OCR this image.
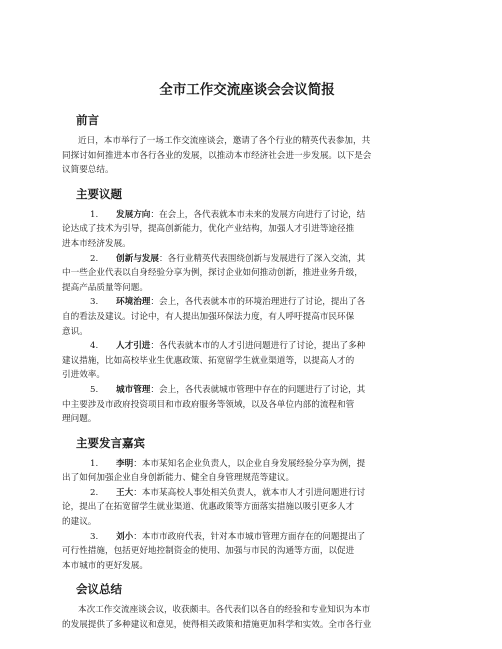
全市工作交流座谈会会议简报
前言

近日，本市举行了一场工作交流座谈会，邀请了各个行业的精英代表参加，共

同探讨如何推进本市各行各业的发展，以推动本市经济社会进一步发展。以下是会

议简要总结。

主要议题

1. 发展方向：在会上，各代表就本市未来的发展方向进行了讨论，结

论达成了技术为引导，提高创新能力，优化产业结构，加强人才引进等途径推

进本市经济发展。

2. 创新与发展：各行业精英代表围绕创新与发展进行了深入交流，其

中一些企业代表以自身经验分享为例，探讨企业如何推动创新，推进业务升级，

提高产品质量等问题。

3. 环境治理：会上，各代表就本市的环境治理进行了讨论，提出了各

自的看法及建议。讨论中，有人提出加强环保法力度，有人呼吁提高市民环保

意识。

4. 人才引进：各代表就本市的人才引进问题进行了讨论，提出了多种

建议措施，比如高校毕业生优惠政策、拓宽留学生就业渠道等，以提高人才的

引进效率。

5. 城市管理：会上，各代表就城市管理中存在的问题进行了讨论，其

中主要涉及市政府投资项目和市政府服务等领域，以及各单位内部的流程和管

理问题。

主要发言嘉宾

1. 李明：本市某知名企业负责人，以企业自身发展经验分享为例，提

出了如何加强企业自身创新能力、健全自身管理规范等建议。

2. 王大：本市某高校人事处相关负责人，就本市人才引进问题进行讨

论，提出了在拓宽留学生就业渠道、优惠政策等方面落实措施以吸引更多人才

的建议。

3. 刘小：本市市政府代表，针对本市城市管理方面存在的问题提出了

可行性措施，包括更好地控制资金的使用、加强与市民的沟通等方面，以促进

本市城市的更好发展。

会议总结

本次工作交流座谈会议，收获颇丰。各代表们以各自的经验和专业知识为本市

的发展提供了多种建议和意见，使得相关政策和措施更加科学和实效。全市各行业
